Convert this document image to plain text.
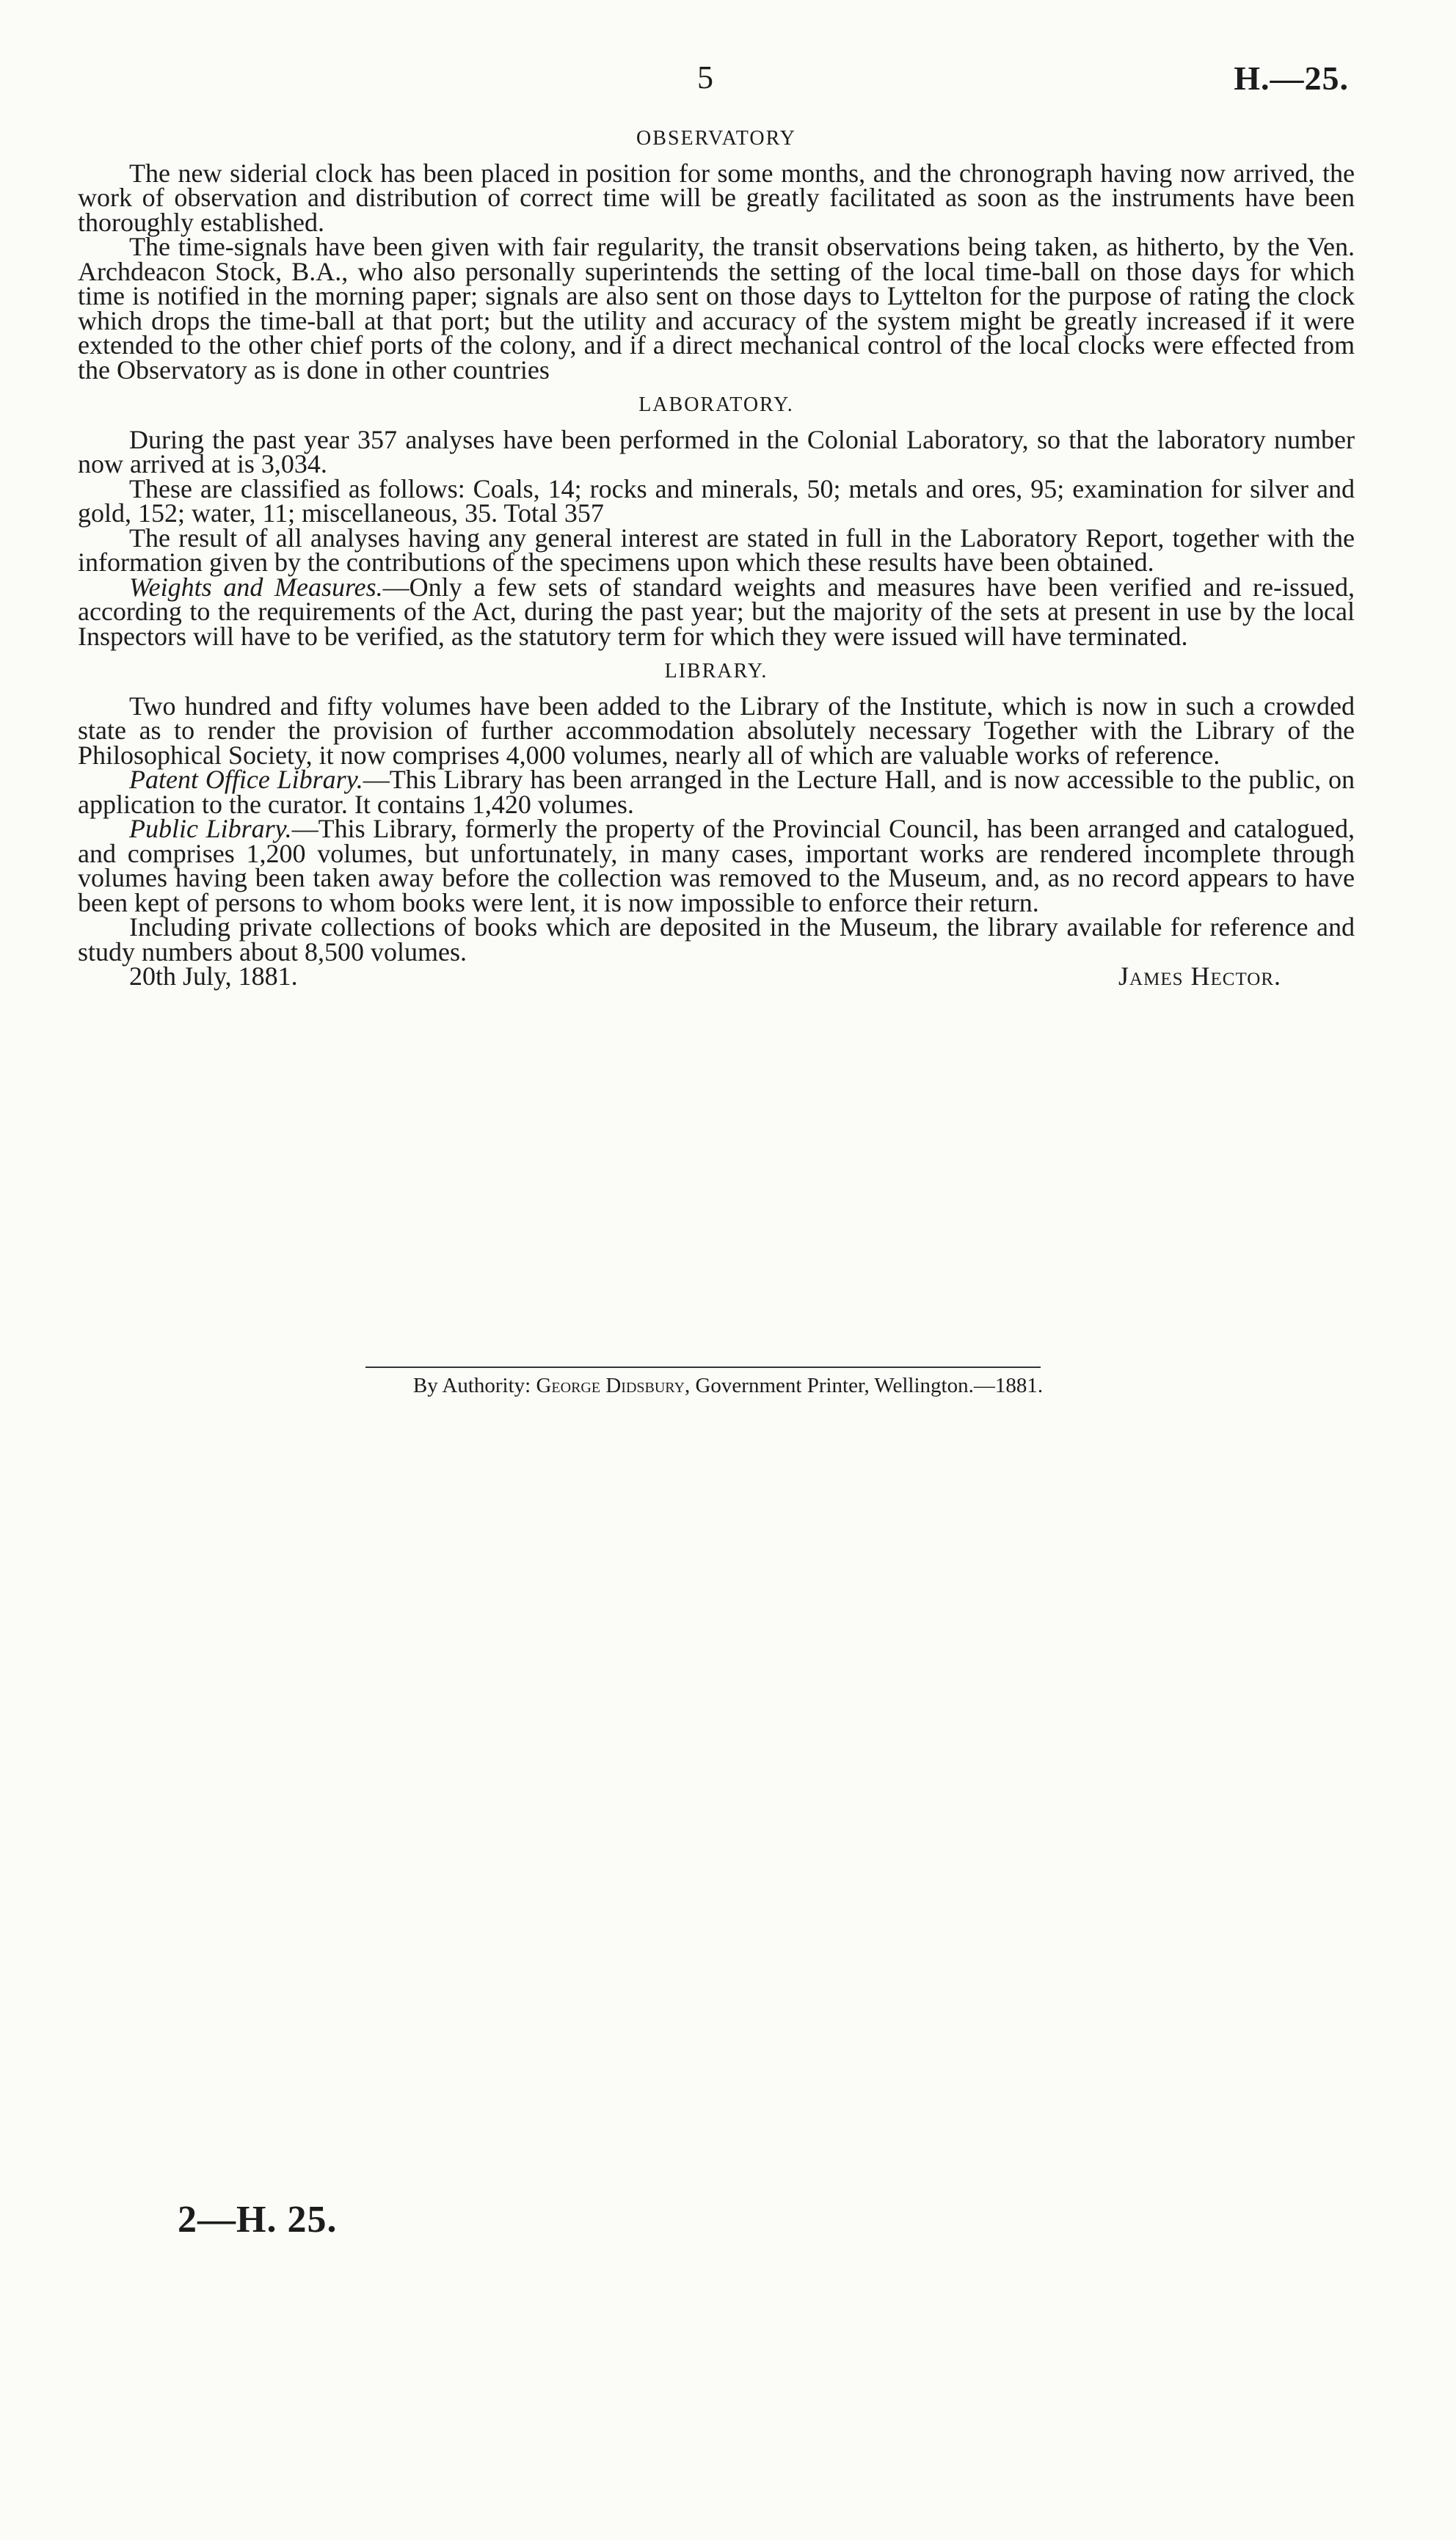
5	H.—25.
OBSERVATORY

The new siderial clock has been placed in position for some months, and the chronograph having now arrived, the work of observation and distribution of correct time will be greatly facilitated as soon as the instruments have been thoroughly established.

The time-signals have been given with fair regularity, the transit observations being taken, as hitherto, by the Ven. Archdeacon Stock, B.A., who also personally superintends the setting of the local time-ball on those days for which time is notified in the morning paper; signals are also sent on those days to Lyttelton for the purpose of rating the clock which drops the time-ball at that port; but the utility and accuracy of the system might be greatly increased if it were extended to the other chief ports of the colony, and if a direct mechanical control of the local clocks were effected from the Observatory as is done in other countries

LABORATORY.

During the past year 357 analyses have been performed in the Colonial Laboratory, so that the laboratory number now arrived at is 3,034.

These are classified as follows: Coals, 14; rocks and minerals, 50; metals and ores, 95; examination for silver and gold, 152; water, 11; miscellaneous, 35. Total 357

The result of all analyses having any general interest are stated in full in the Laboratory Report, together with the information given by the contributions of the specimens upon which these results have been obtained.

Weights and Measures.—Only a few sets of standard weights and measures have been verified and re-issued, according to the requirements of the Act, during the past year; but the majority of the sets at present in use by the local Inspectors will have to be verified, as the statutory term for which they were issued will have terminated.

LIBRARY.

Two hundred and fifty volumes have been added to the Library of the Institute, which is now in such a crowded state as to render the provision of further accommodation absolutely necessary Together with the Library of the Philosophical Society, it now comprises 4,000 volumes, nearly all of which are valuable works of reference.

Patent Office Library.—This Library has been arranged in the Lecture Hall, and is now accessible to the public, on application to the curator. It contains 1,420 volumes.

Public Library.—This Library, formerly the property of the Provincial Council, has been arranged and catalogued, and comprises 1,200 volumes, but unfortunately, in many cases, important works are rendered incomplete through volumes having been taken away before the collection was removed to the Museum, and, as no record appears to have been kept of persons to whom books were lent, it is now impossible to enforce their return.

Including private collections of books which are deposited in the Museum, the library available for reference and study numbers about 8,500 volumes.

20th July, 1881.	James Hector.
By Authority: George Didsbury, Government Printer, Wellington.—1881.
2—H. 25.
